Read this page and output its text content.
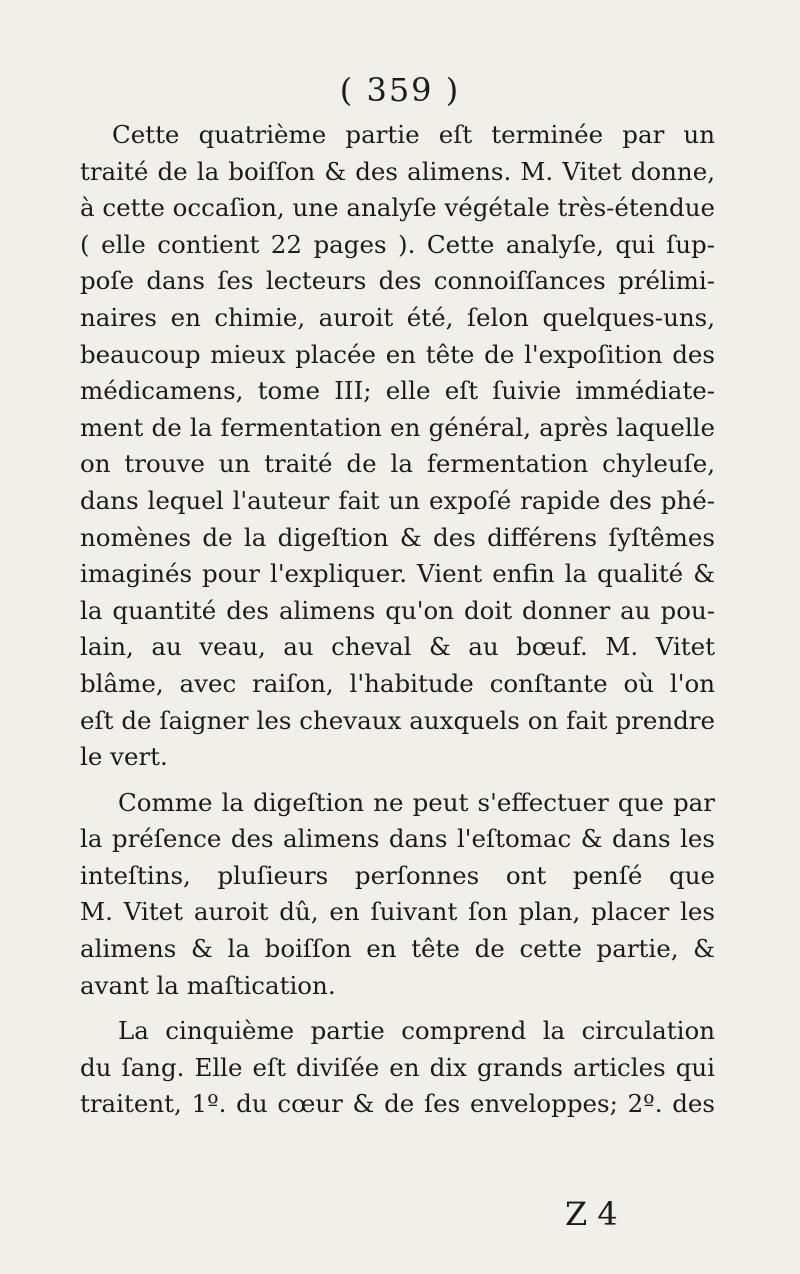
( 359 )
Cette quatrième partie eſt terminée par un
traité de la boiſſon & des alimens. M. Vitet donne,
à cette occaſion, une analyſe végétale très-étendue
( elle contient 22 pages ). Cette analyſe, qui ſup-
poſe dans ſes lecteurs des connoiſſances prélimi-
naires en chimie, auroit été, ſelon quelques-uns,
beaucoup mieux placée en tête de l'expoſition des
médicamens, tome III; elle eſt ſuivie immédiate-
ment de la fermentation en général, après laquelle
on trouve un traité de la fermentation chyleuſe,
dans lequel l'auteur fait un expoſé rapide des phé-
nomènes de la digeſtion & des différens ſyſtêmes
imaginés pour l'expliquer. Vient enfin la qualité &
la quantité des alimens qu'on doit donner au pou-
lain, au veau, au cheval & au bœuf. M. Vitet
blâme, avec raiſon, l'habitude conſtante où l'on
eſt de ſaigner les chevaux auxquels on fait prendre
le vert.
Comme la digeſtion ne peut s'effectuer que par
la préſence des alimens dans l'eſtomac & dans les
inteſtins, pluſieurs perſonnes ont penſé que
M. Vitet auroit dû, en ſuivant ſon plan, placer les
alimens & la boiſſon en tête de cette partie, &
avant la maſtication.
La cinquième partie comprend la circulation
du ſang. Elle eſt diviſée en dix grands articles qui
traitent, 1º. du cœur & de ſes enveloppes; 2º. des
Z 4
